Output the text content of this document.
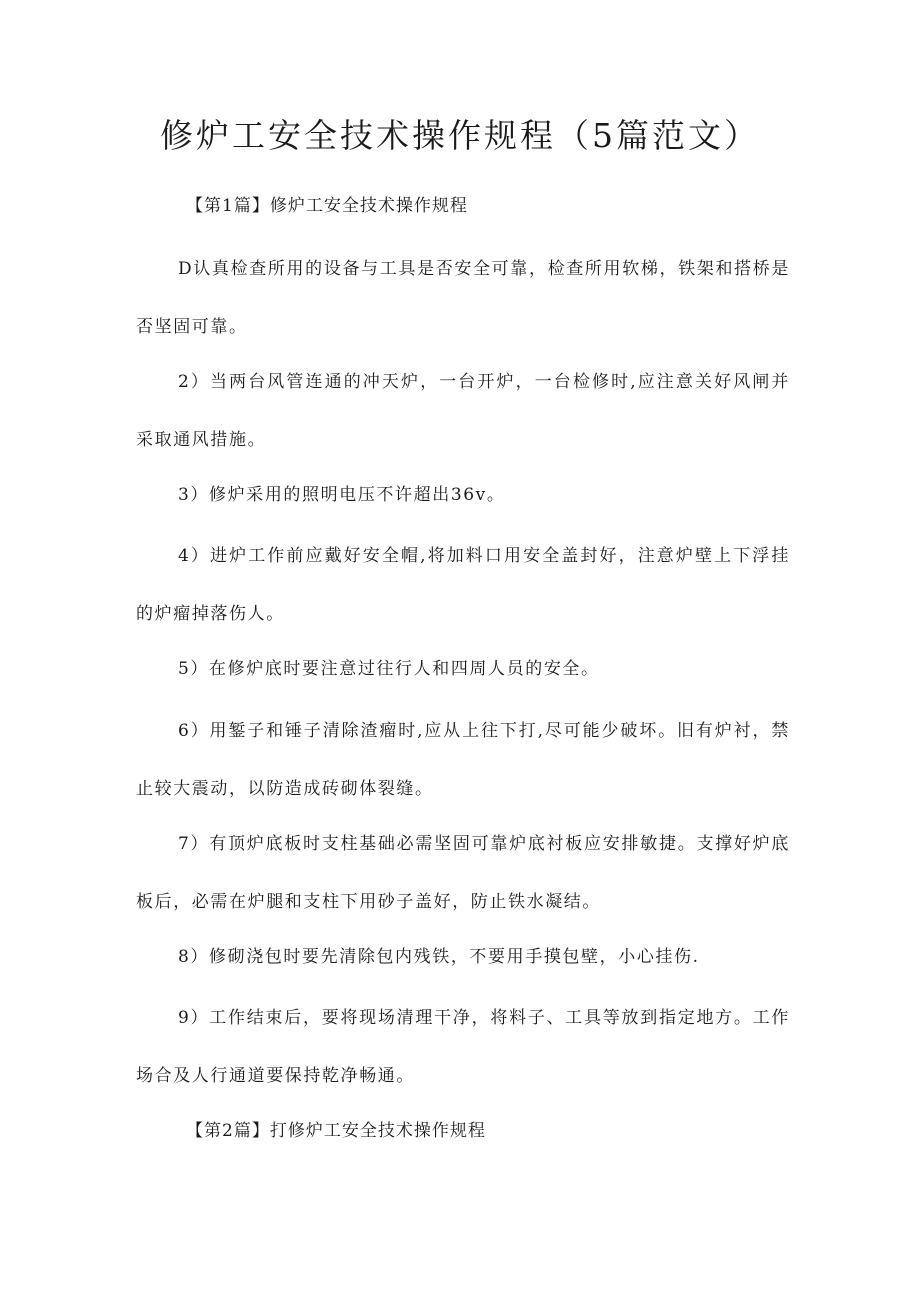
修炉工安全技术操作规程（5篇范文）
【第1篇】修炉工安全技术操作规程
D认真检查所用的设备与工具是否安全可靠，检查所用软梯，铁架和搭桥是否坚固可靠。
2）当两台风管连通的冲天炉，一台开炉，一台检修时,应注意关好风闸并采取通风措施。
3）修炉采用的照明电压不许超出36v。
4）进炉工作前应戴好安全帽,将加料口用安全盖封好，注意炉壁上下浮挂的炉瘤掉落伤人。
5）在修炉底时要注意过往行人和四周人员的安全。
6）用錾子和锤子清除渣瘤时,应从上往下打,尽可能少破坏。旧有炉衬，禁止较大震动，以防造成砖砌体裂缝。
7）有顶炉底板时支柱基础必需坚固可靠炉底衬板应安排敏捷。支撑好炉底板后，必需在炉腿和支柱下用砂子盖好，防止铁水凝结。
8）修砌浇包时要先清除包内残铁，不要用手摸包壁，小心挂伤.
9）工作结束后，要将现场清理干净，将料子、工具等放到指定地方。工作场合及人行通道要保持乾净畅通。
【第2篇】打修炉工安全技术操作规程
